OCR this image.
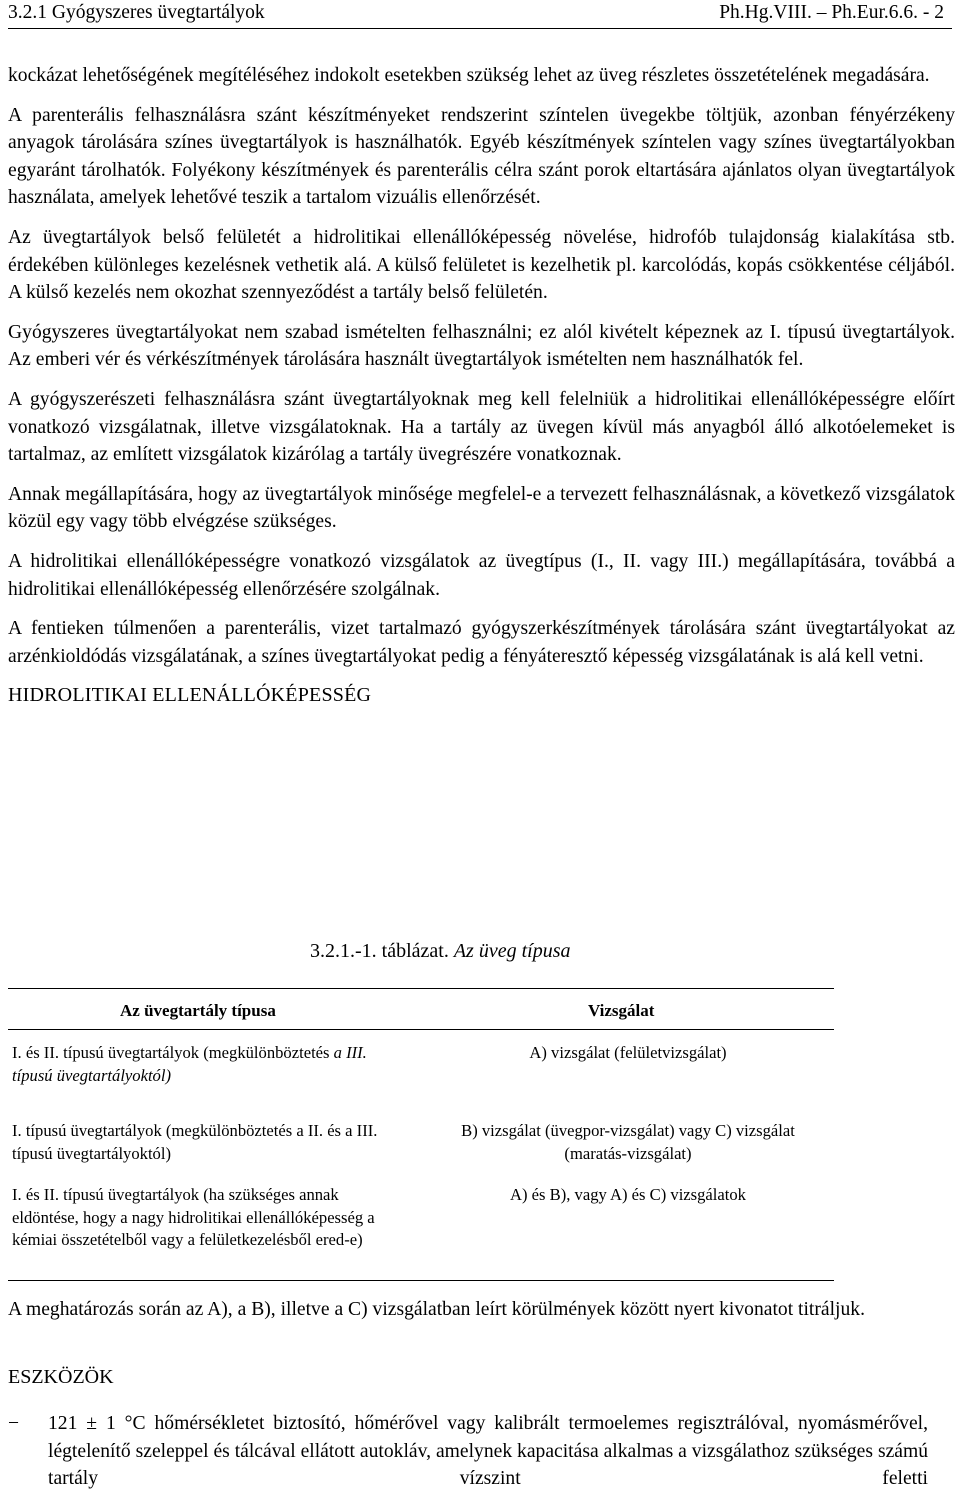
3.2.1 Gyógyszeres üvegtartályok	Ph.Hg.VIII. – Ph.Eur.6.6. - 2

kockázat lehetőségének megítéléséhez indokolt esetekben szükség lehet az üveg részletes összetételének megadására.

A parenterális felhasználásra szánt készítményeket rendszerint színtelen üvegekbe töltjük, azonban fényérzékeny anyagok tárolására színes üvegtartályok is használhatók. Egyéb készítmények színtelen vagy színes üvegtartályokban egyaránt tárolhatók. Folyékony készítmények és parenterális célra szánt porok eltartására ajánlatos olyan üvegtartályok használata, amelyek lehetővé teszik a tartalom vizuális ellenőrzését.

Az üvegtartályok belső felületét a hidrolitikai ellenállóképesség növelése, hidrofób tulajdonság kialakítása stb. érdekében különleges kezelésnek vethetik alá. A külső felületet is kezelhetik pl. karcolódás, kopás csökkentése céljából. A külső kezelés nem okozhat szennyeződést a tartály belső felületén.

Gyógyszeres üvegtartályokat nem szabad ismételten felhasználni; ez alól kivételt képeznek az I. típusú üvegtartályok. Az emberi vér és vérkészítmények tárolására használt üvegtartályok ismételten nem használhatók fel.

A gyógyszerészeti felhasználásra szánt üvegtartályoknak meg kell felelniük a hidrolitikai ellenállóképességre előírt vonatkozó vizsgálatnak, illetve vizsgálatoknak. Ha a tartály az üvegen kívül más anyagból álló alkotóelemeket is tartalmaz, az említett vizsgálatok kizárólag a tartály üvegrészére vonatkoznak.

Annak megállapítására, hogy az üvegtartályok minősége megfelel-e a tervezett felhasználásnak, a következő vizsgálatok közül egy vagy több elvégzése szükséges.

A hidrolitikai ellenállóképességre vonatkozó vizsgálatok az üvegtípus (I., II. vagy III.) megállapítására, továbbá a hidrolitikai ellenállóképesség ellenőrzésére szolgálnak.

A fentieken túlmenően a parenterális, vizet tartalmazó gyógyszerkészítmények tárolására szánt üvegtartályokat az arzénkioldódás vizsgálatának, a színes üvegtartályokat pedig a fényáteresztő képesség vizsgálatának is alá kell vetni.

HIDROLITIKAI ELLENÁLLÓKÉPESSÉG
3.2.1.-1. táblázat. Az üveg típusa
Az üvegtartály típusa	Vizsgálat
I. és II. típusú üvegtartályok (megkülönböztetés a III. típusú üvegtartályoktól)
A) vizsgálat (felületvizsgálat)
I. típusú üvegtartályok (megkülönböztetés a II. és a III. típusú üvegtartályoktól)
B) vizsgálat (üvegpor-vizsgálat) vagy C) vizsgálat (maratás-vizsgálat)
I. és II. típusú üvegtartályok (ha szükséges annak eldöntése, hogy a nagy hidrolitikai ellenállóképesség a kémiai összetételből vagy a felületkezelésből ered-e)
A) és B), vagy A) és C) vizsgálatok
A meghatározás során az A), a B), illetve a C) vizsgálatban leírt körülmények között nyert kivonatot titráljuk.
ESZKÖZÖK
− 121 ± 1 °C hőmérsékletet biztosító, hőmérővel vagy kalibrált termoelemes regisztrálóval, nyomásmérővel, légtelenítő szeleppel és tálcával ellátott autokláv, amelynek kapacitása alkalmas a vizsgálathoz szükséges számú tartály vízszint feletti
